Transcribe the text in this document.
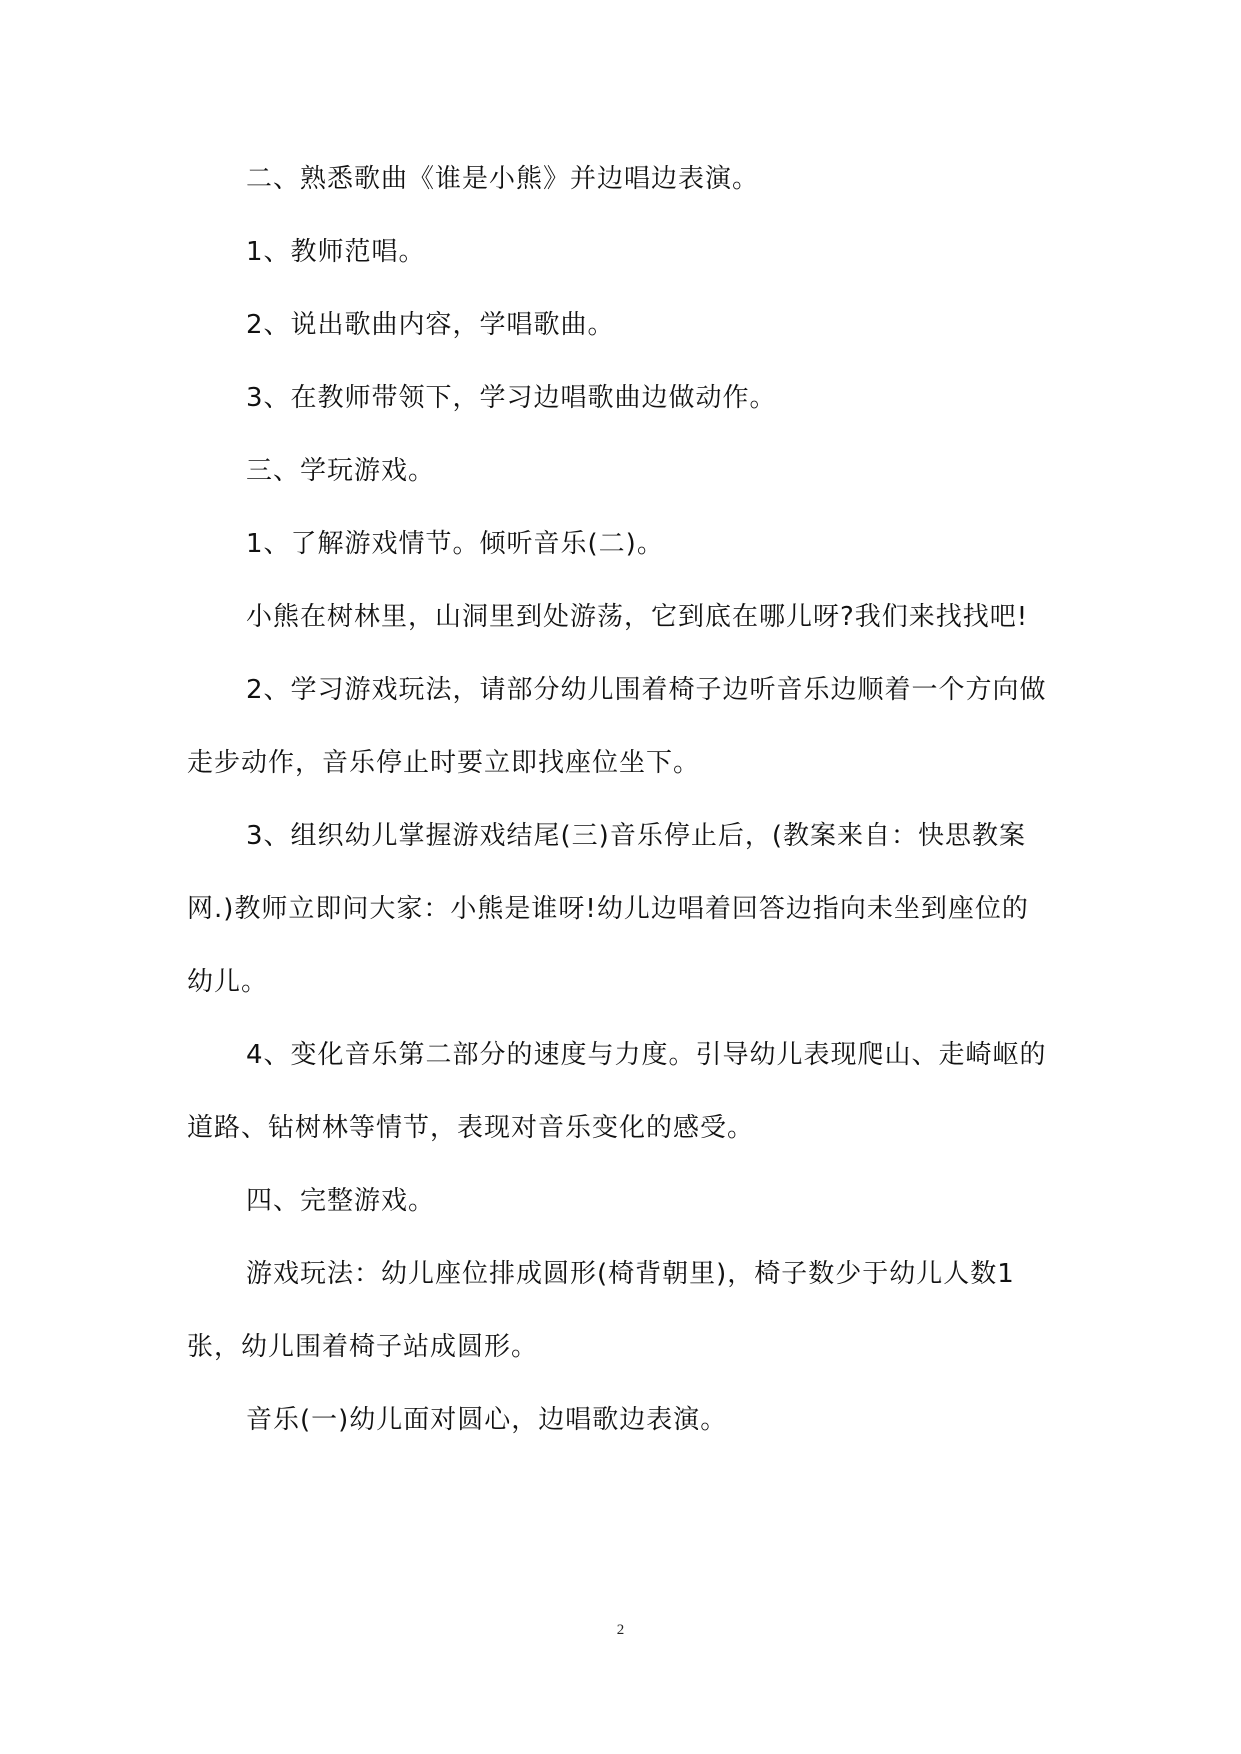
二、熟悉歌曲《谁是小熊》并边唱边表演。

1、教师范唱。

2、说出歌曲内容，学唱歌曲。

3、在教师带领下，学习边唱歌曲边做动作。

三、学玩游戏。

1、了解游戏情节。倾听音乐(二)。

小熊在树林里，山洞里到处游荡，它到底在哪儿呀?我们来找找吧!

2、学习游戏玩法，请部分幼儿围着椅子边听音乐边顺着一个方向做走步动作，音乐停止时要立即找座位坐下。

3、组织幼儿掌握游戏结尾(三)音乐停止后，(教案来自：快思教案网.)教师立即问大家：小熊是谁呀!幼儿边唱着回答边指向未坐到座位的幼儿。

4、变化音乐第二部分的速度与力度。引导幼儿表现爬山、走崎岖的道路、钻树林等情节，表现对音乐变化的感受。

四、完整游戏。

游戏玩法：幼儿座位排成圆形(椅背朝里)，椅子数少于幼儿人数1张，幼儿围着椅子站成圆形。

音乐(一)幼儿面对圆心，边唱歌边表演。

2
